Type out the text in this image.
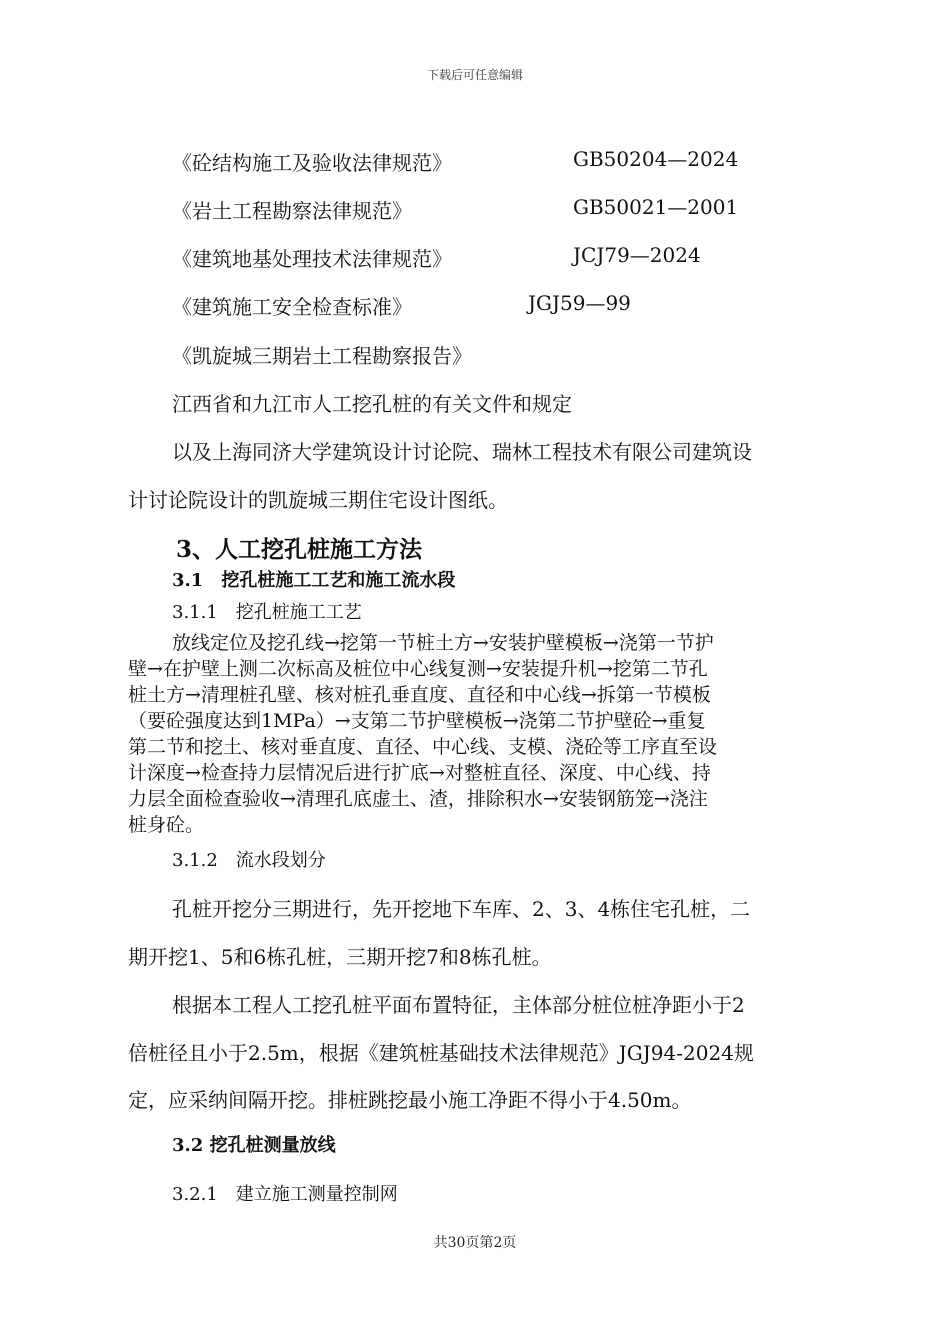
下载后可任意编辑
《砼结构施工及验收法律规范》	GB50204—2024
《岩土工程勘察法律规范》	GB50021—2001
《建筑地基处理技术法律规范》	JCJ79—2024
《建筑施工安全检查标准》	JGJ59—99
《凯旋城三期岩土工程勘察报告》
江西省和九江市人工挖孔桩的有关文件和规定
以及上海同济大学建筑设计讨论院、瑞林工程技术有限公司建筑设
计讨论院设计的凯旋城三期住宅设计图纸。
3、人工挖孔桩施工方法
3.1　挖孔桩施工工艺和施工流水段
3.1.1　挖孔桩施工工艺
放线定位及挖孔线→挖第一节桩土方→安装护壁模板→浇第一节护
壁→在护壁上测二次标高及桩位中心线复测→安装提升机→挖第二节孔
桩土方→清理桩孔壁、核对桩孔垂直度、直径和中心线→拆第一节模板
（要砼强度达到1MPa）→支第二节护壁模板→浇第二节护壁砼→重复
第二节和挖土、核对垂直度、直径、中心线、支模、浇砼等工序直至设
计深度→检查持力层情况后进行扩底→对整桩直径、深度、中心线、持
力层全面检查验收→清理孔底虚土、渣，排除积水→安装钢筋笼→浇注
桩身砼。
3.1.2　流水段划分
孔桩开挖分三期进行，先开挖地下车库、2、3、4栋住宅孔桩，二
期开挖1、5和6栋孔桩，三期开挖7和8栋孔桩。
根据本工程人工挖孔桩平面布置特征，主体部分桩位桩净距小于2
倍桩径且小于2.5m，根据《建筑桩基础技术法律规范》JGJ94-2024规
定，应采纳间隔开挖。排桩跳挖最小施工净距不得小于4.50m。
3.2 挖孔桩测量放线
3.2.1　建立施工测量控制网
共30页第2页
